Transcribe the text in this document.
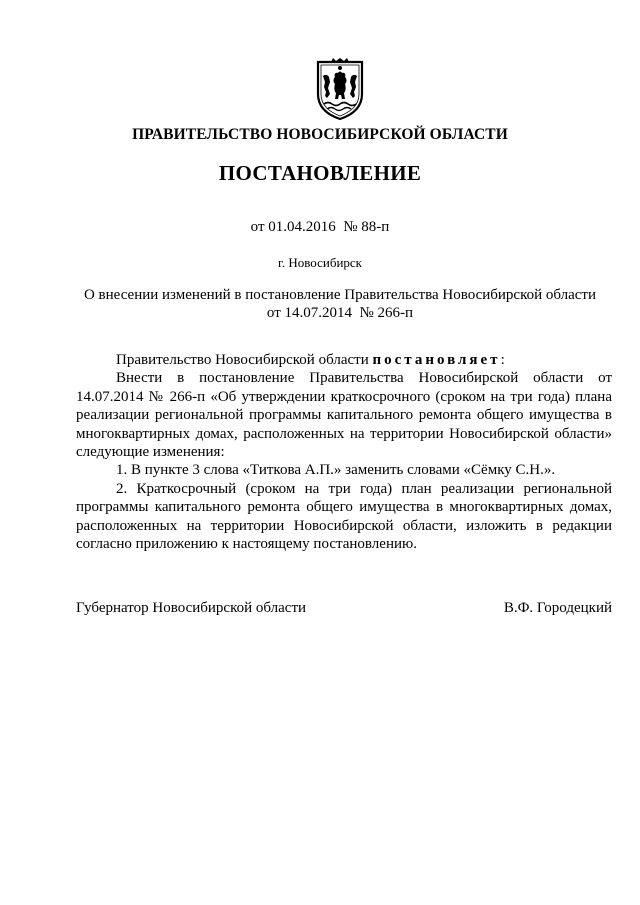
ПРАВИТЕЛЬСТВО НОВОСИБИРСКОЙ ОБЛАСТИ
ПОСТАНОВЛЕНИЕ
от 01.04.2016  № 88-п
г. Новосибирск
О внесении изменений в постановление Правительства Новосибирской области
от 14.07.2014  № 266-п

Правительство Новосибирской области постановляет:

Внести в постановление Правительства Новосибирской области от 14.07.2014 № 266-п «Об утверждении краткосрочного (сроком на три года) плана реализации региональной программы капитального ремонта общего имущества в многоквартирных домах, расположенных на территории Новосибирской области» следующие изменения:

1. В пункте 3 слова «Титкова А.П.» заменить словами «Сёмку С.Н.».

2. Краткосрочный (сроком на три года) план реализации региональной программы капитального ремонта общего имущества в многоквартирных домах, расположенных на территории Новосибирской области, изложить в редакции согласно приложению к настоящему постановлению.

Губернатор Новосибирской области	В.Ф. Городецкий
